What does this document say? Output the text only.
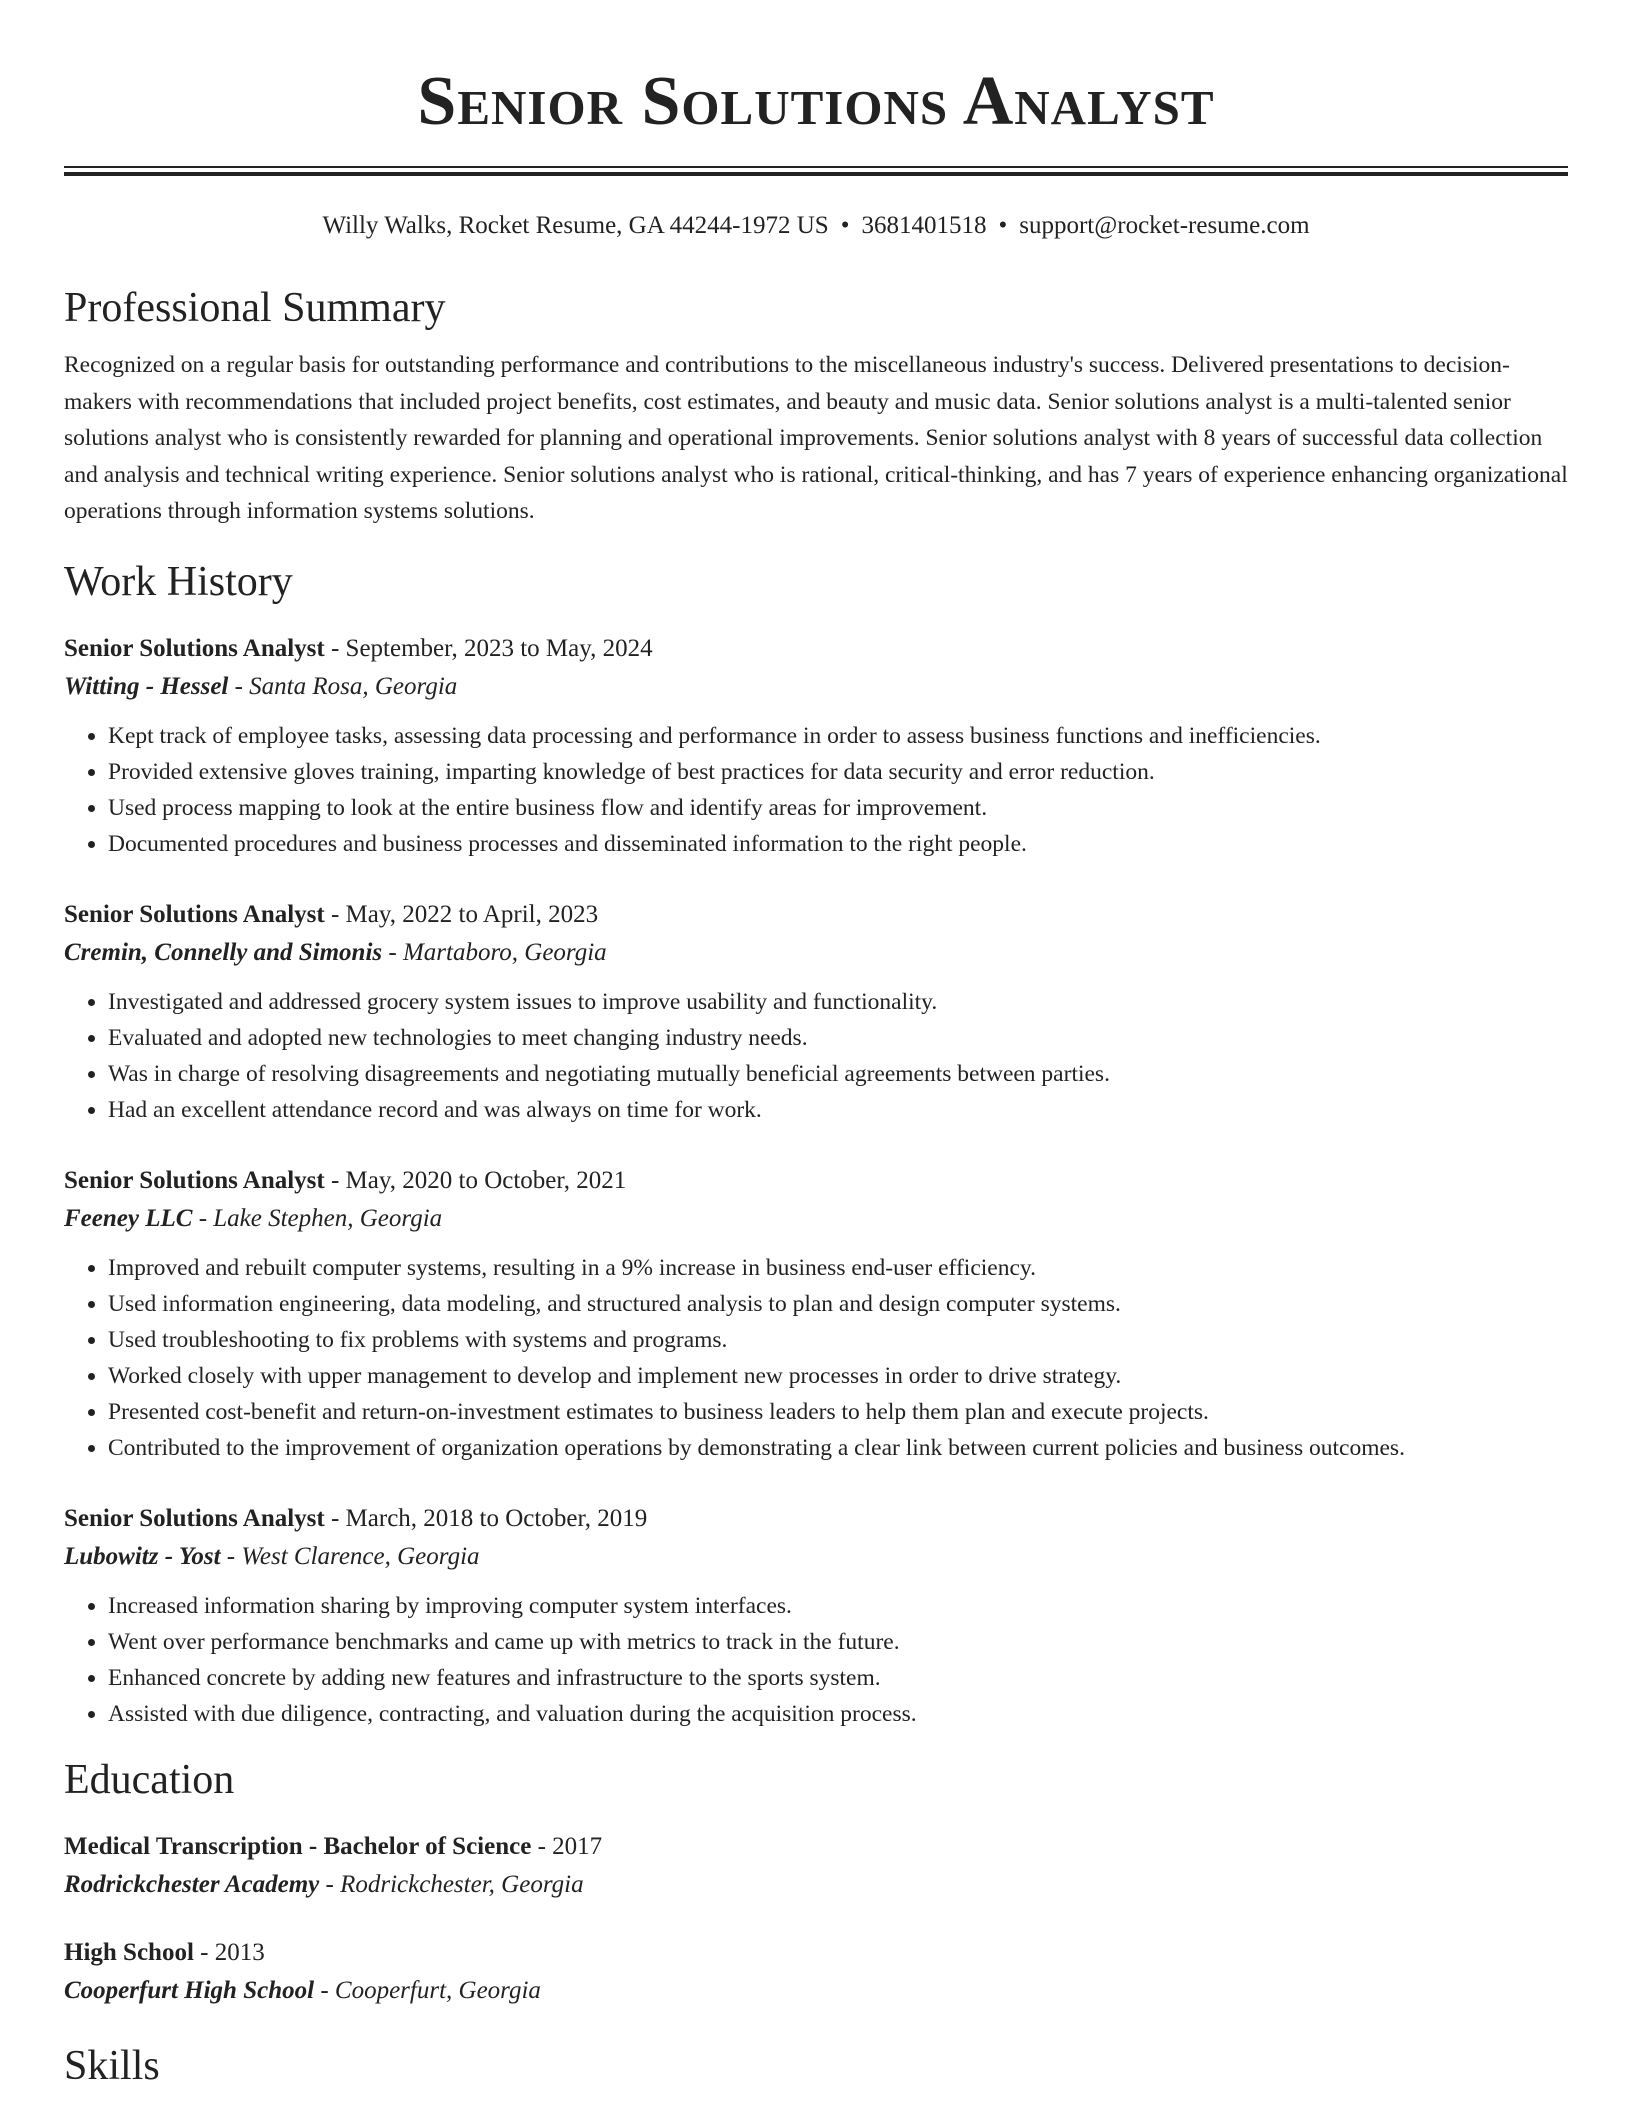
Senior Solutions Analyst
Willy Walks, Rocket Resume, GA 44244-1972 US • 3681401518 • support@rocket-resume.com
Professional Summary

Recognized on a regular basis for outstanding performance and contributions to the miscellaneous industry's success. Delivered presentations to decision-makers with recommendations that included project benefits, cost estimates, and beauty and music data. Senior solutions analyst is a multi-talented senior solutions analyst who is consistently rewarded for planning and operational improvements. Senior solutions analyst with 8 years of successful data collection and analysis and technical writing experience. Senior solutions analyst who is rational, critical-thinking, and has 7 years of experience enhancing organizational operations through information systems solutions.

Work History
Senior Solutions Analyst - September, 2023 to May, 2024
Witting - Hessel - Santa Rosa, Georgia
• Kept track of employee tasks, assessing data processing and performance in order to assess business functions and inefficiencies.
• Provided extensive gloves training, imparting knowledge of best practices for data security and error reduction.
• Used process mapping to look at the entire business flow and identify areas for improvement.
• Documented procedures and business processes and disseminated information to the right people.
Senior Solutions Analyst - May, 2022 to April, 2023
Cremin, Connelly and Simonis - Martaboro, Georgia
• Investigated and addressed grocery system issues to improve usability and functionality.
• Evaluated and adopted new technologies to meet changing industry needs.
• Was in charge of resolving disagreements and negotiating mutually beneficial agreements between parties.
• Had an excellent attendance record and was always on time for work.
Senior Solutions Analyst - May, 2020 to October, 2021
Feeney LLC - Lake Stephen, Georgia
• Improved and rebuilt computer systems, resulting in a 9% increase in business end-user efficiency.
• Used information engineering, data modeling, and structured analysis to plan and design computer systems.
• Used troubleshooting to fix problems with systems and programs.
• Worked closely with upper management to develop and implement new processes in order to drive strategy.
• Presented cost-benefit and return-on-investment estimates to business leaders to help them plan and execute projects.
• Contributed to the improvement of organization operations by demonstrating a clear link between current policies and business outcomes.
Senior Solutions Analyst - March, 2018 to October, 2019
Lubowitz - Yost - West Clarence, Georgia
• Increased information sharing by improving computer system interfaces.
• Went over performance benchmarks and came up with metrics to track in the future.
• Enhanced concrete by adding new features and infrastructure to the sports system.
• Assisted with due diligence, contracting, and valuation during the acquisition process.
Education
Medical Transcription - Bachelor of Science - 2017
Rodrickchester Academy - Rodrickchester, Georgia
High School - 2013
Cooperfurt High School - Cooperfurt, Georgia
Skills
